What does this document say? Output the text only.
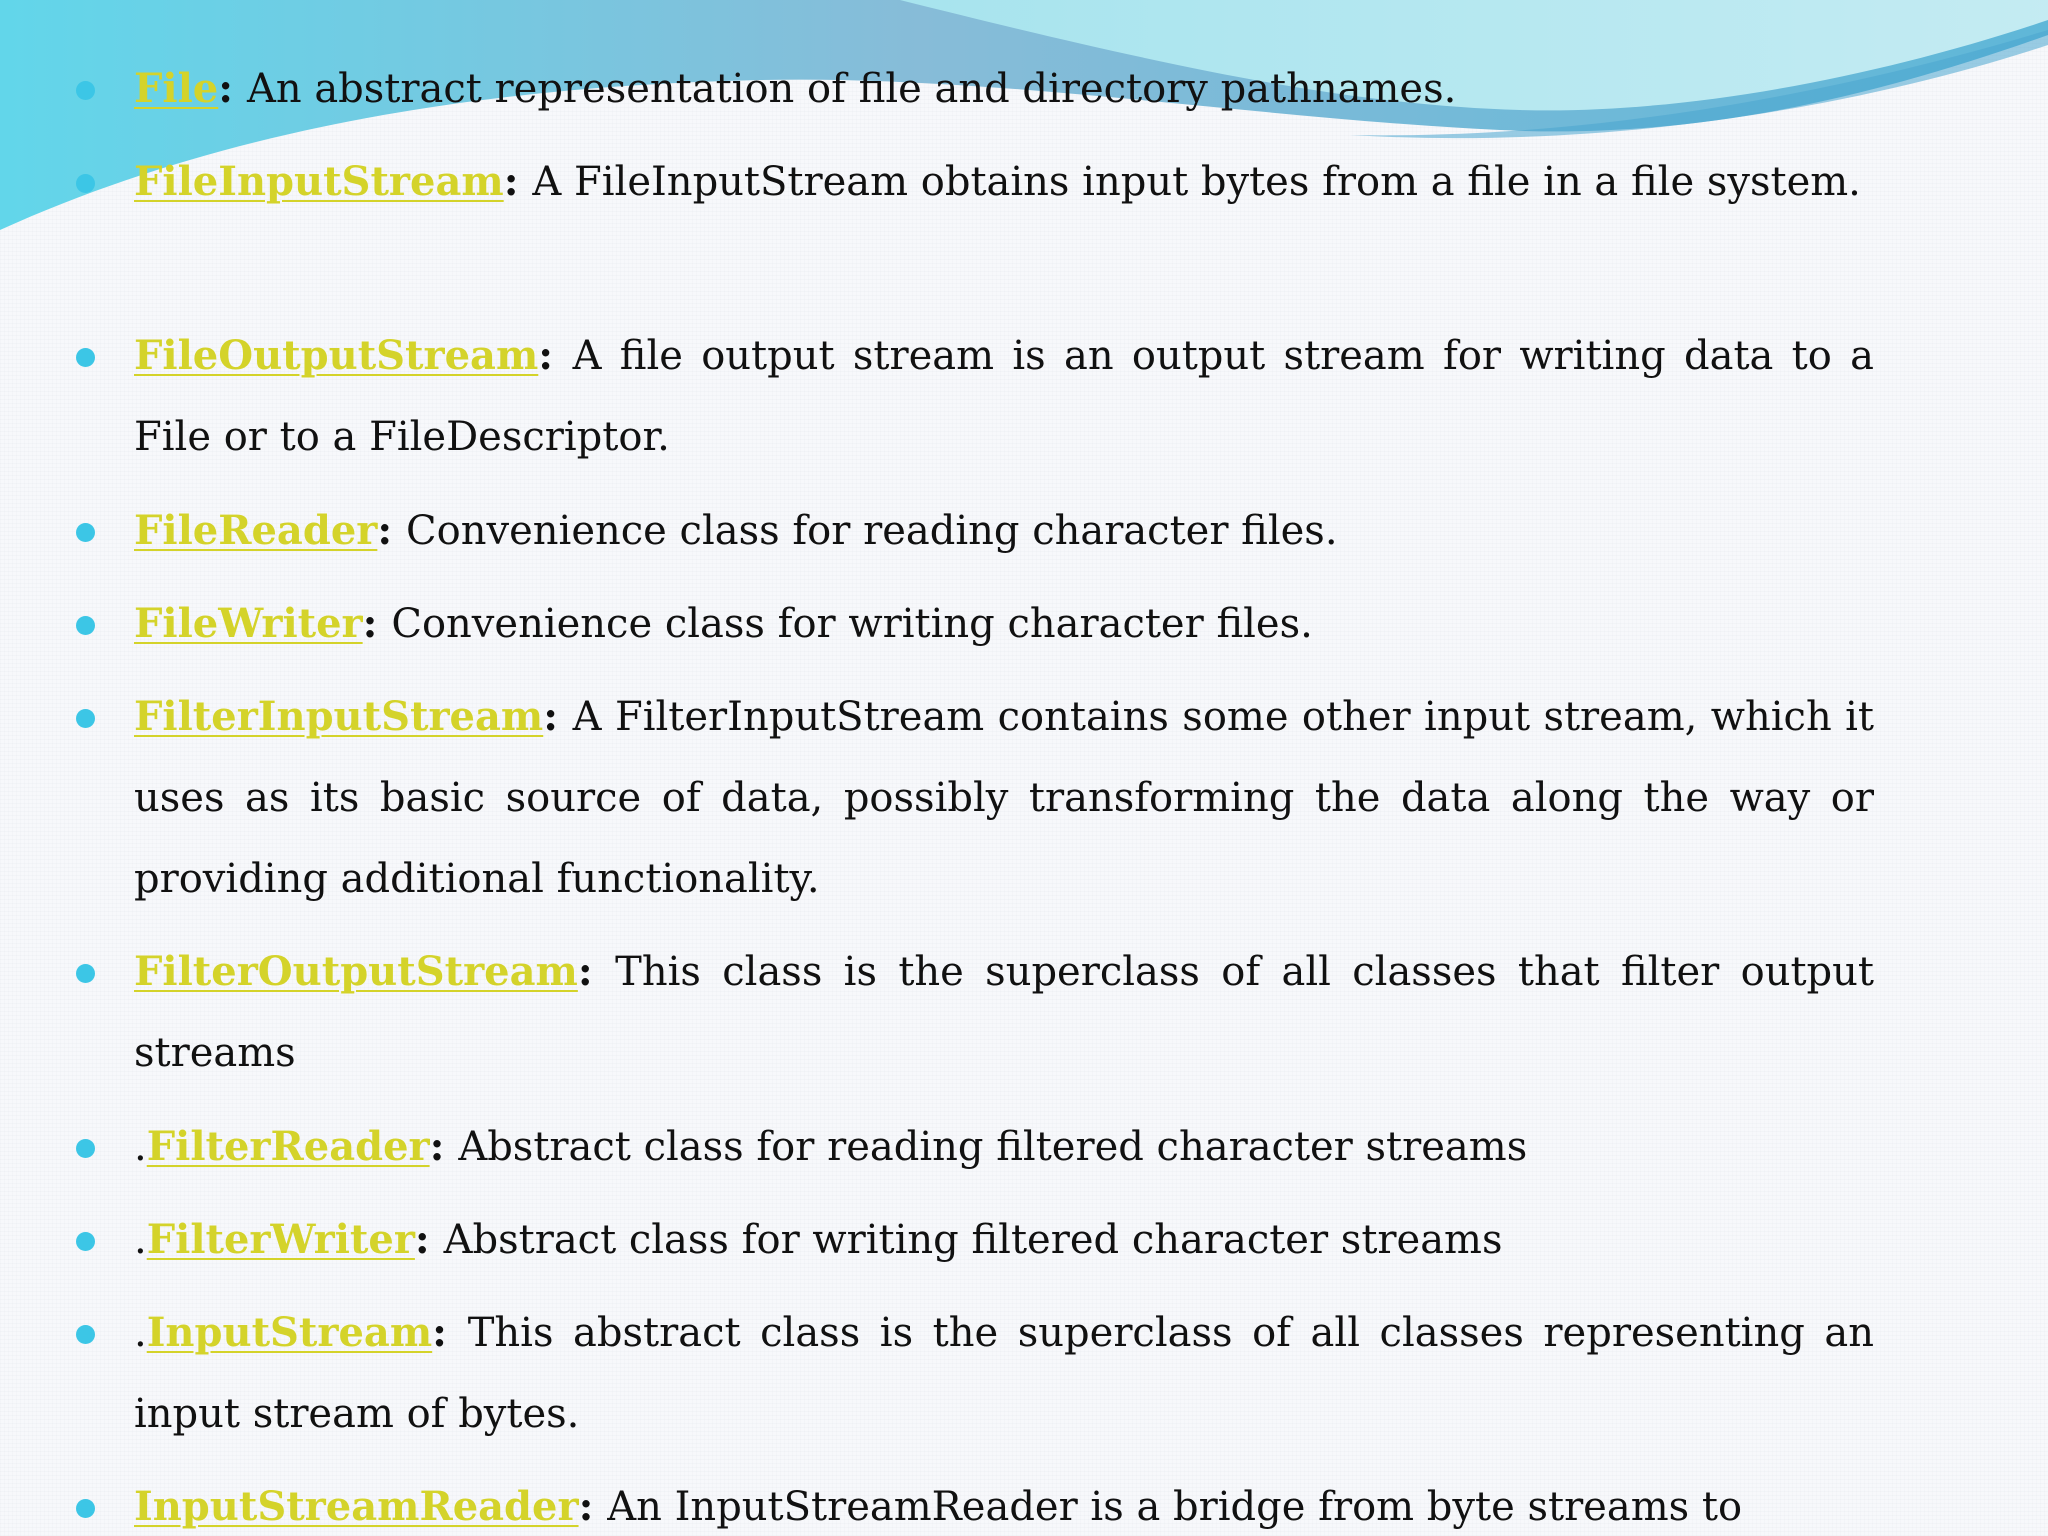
File: An abstract representation of file and directory pathnames.
FileInputStream: A FileInputStream obtains input bytes from a file in a file system.
FileOutputStream: A file output stream is an output stream for writing data to a File or to a FileDescriptor.
FileReader: Convenience class for reading character files.
FileWriter: Convenience class for writing character files.
FilterInputStream: A FilterInputStream contains some other input stream, which it uses as its basic source of data, possibly transforming the data along the way or providing additional functionality.
FilterOutputStream: This class is the superclass of all classes that filter output streams
.FilterReader: Abstract class for reading filtered character streams
.FilterWriter: Abstract class for writing filtered character streams
.InputStream: This abstract class is the superclass of all classes representing an input stream of bytes.
InputStreamReader: An InputStreamReader is a bridge from byte streams to
